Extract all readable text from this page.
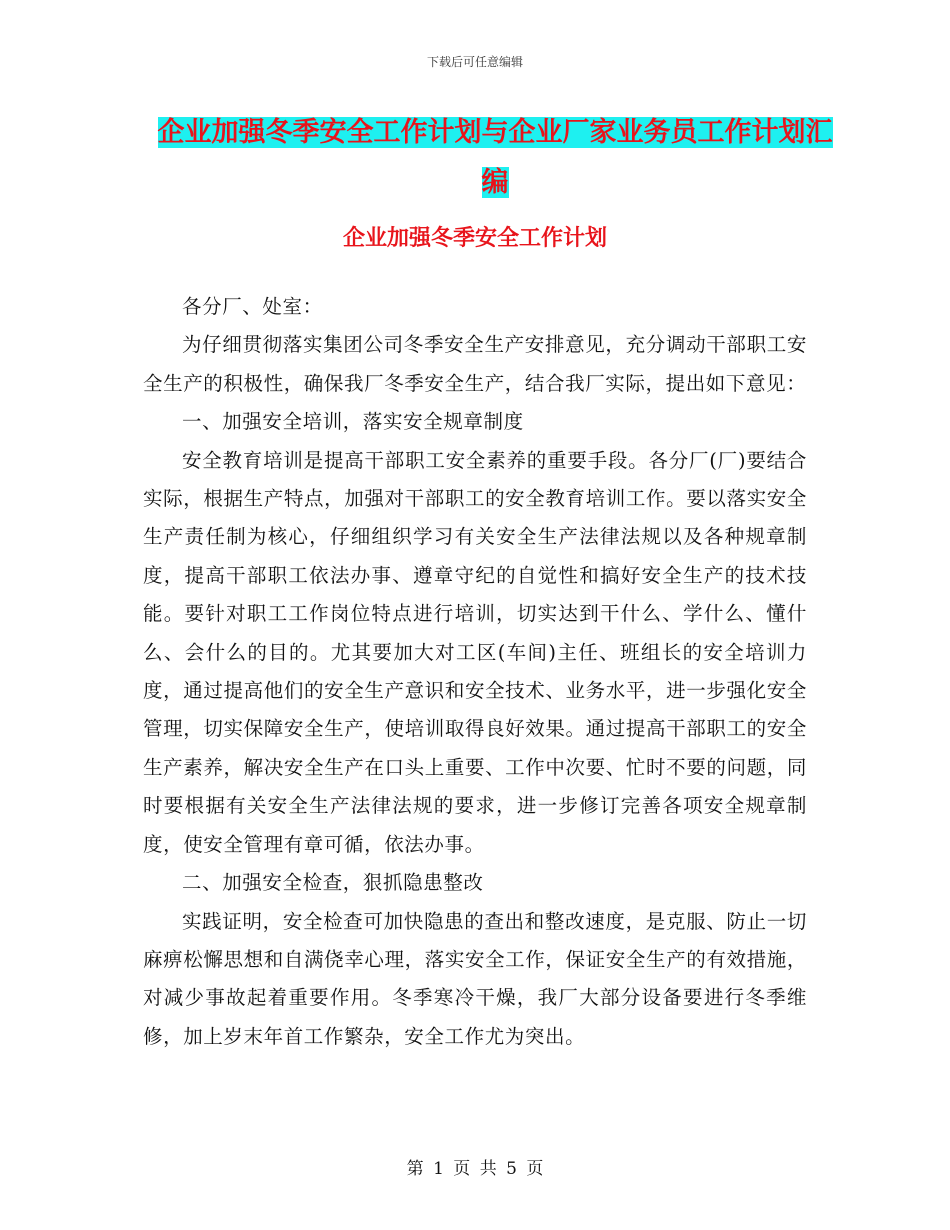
下载后可任意编辑
企业加强冬季安全工作计划与企业厂家业务员工作计划汇编
企业加强冬季安全工作计划

各分厂、处室：

为仔细贯彻落实集团公司冬季安全生产安排意见，充分调动干部职工安全生产的积极性，确保我厂冬季安全生产，结合我厂实际，提出如下意见：

一、加强安全培训，落实安全规章制度

安全教育培训是提高干部职工安全素养的重要手段。各分厂(厂)要结合实际，根据生产特点，加强对干部职工的安全教育培训工作。要以落实安全生产责任制为核心，仔细组织学习有关安全生产法律法规以及各种规章制度，提高干部职工依法办事、遵章守纪的自觉性和搞好安全生产的技术技能。要针对职工工作岗位特点进行培训，切实达到干什么、学什么、懂什么、会什么的目的。尤其要加大对工区(车间)主任、班组长的安全培训力度，通过提高他们的安全生产意识和安全技术、业务水平，进一步强化安全管理，切实保障安全生产，使培训取得良好效果。通过提高干部职工的安全生产素养，解决安全生产在口头上重要、工作中次要、忙时不要的问题，同时要根据有关安全生产法律法规的要求，进一步修订完善各项安全规章制度，使安全管理有章可循，依法办事。

二、加强安全检查，狠抓隐患整改

实践证明，安全检查可加快隐患的查出和整改速度，是克服、防止一切麻痹松懈思想和自满侥幸心理，落实安全工作，保证安全生产的有效措施，对减少事故起着重要作用。冬季寒冷干燥，我厂大部分设备要进行冬季维修，加上岁末年首工作繁杂，安全工作尤为突出。

第 1 页 共 5 页
